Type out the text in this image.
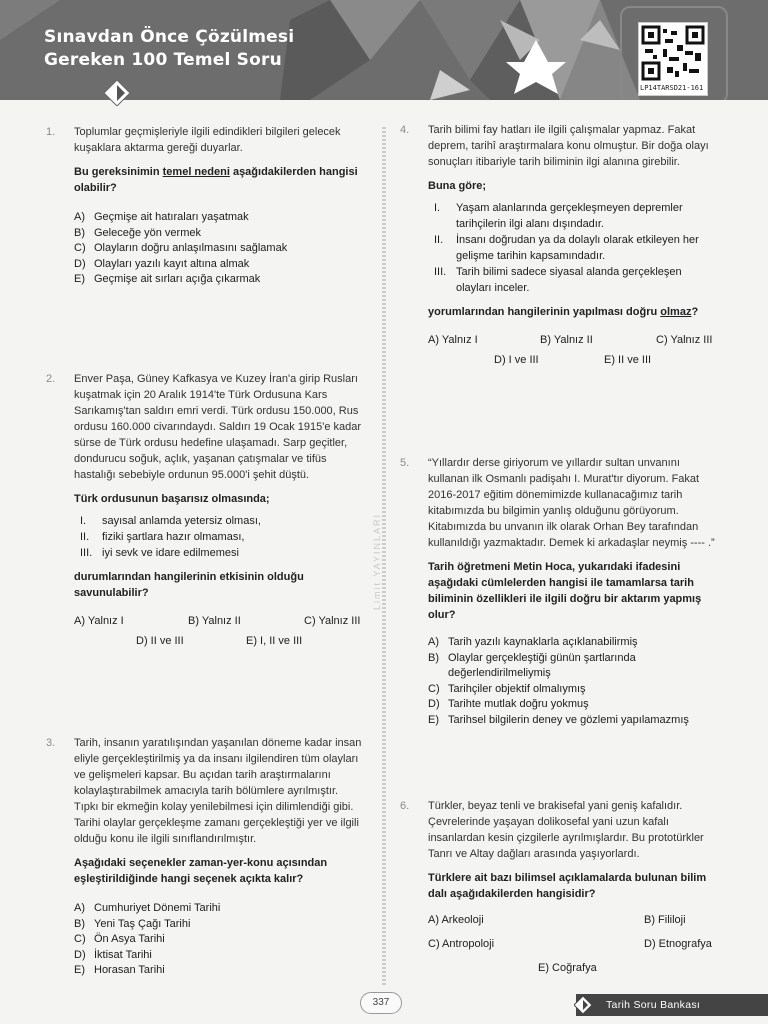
Sınavdan Önce Çözülmesi
Gereken 100 Temel Soru
LP14TARSD21-161
Limit YAYINLARI
1. Toplumlar geçmişleriyle ilgili edindikleri bilgileri gelecek kuşaklara aktarma gereği duyarlar.

Bu gereksinimin temel nedeni aşağıdakilerden hangisi olabilir?

A) Geçmişe ait hatıraları yaşatmak
B) Geleceğe yön vermek
C) Olayların doğru anlaşılmasını sağlamak
D) Olayları yazılı kayıt altına almak
E) Geçmişe ait sırları açığa çıkarmak
2. Enver Paşa, Güney Kafkasya ve Kuzey İran'a girip Rusları kuşatmak için 20 Aralık 1914'te Türk Ordusuna Kars Sarıkamış'tan saldırı emri verdi. Türk ordusu 150.000, Rus ordusu 160.000 civarındaydı. Saldırı 19 Ocak 1915'e kadar sürse de Türk ordusu hedefine ulaşamadı. Sarp geçitler, dondurucu soğuk, açlık, yaşanan çatışmalar ve tifüs hastalığı sebebiyle ordunun 95.000'i şehit düştü.

Türk ordusunun başarısız olmasında;

I. sayısal anlamda yetersiz olması,
II. fiziki şartlara hazır olmaması,
III. iyi sevk ve idare edilmemesi

durumlarından hangilerinin etkisinin olduğu savunulabilir?

A) Yalnız I	B) Yalnız II	C) Yalnız III
D) II ve III	E) I, II ve III
3. Tarih, insanın yaratılışından yaşanılan döneme kadar insan eliyle gerçekleştirilmiş ya da insanı ilgilendiren tüm olayları ve gelişmeleri kapsar. Bu açıdan tarih araştırmalarını kolaylaştırabilmek amacıyla tarih bölümlere ayrılmıştır. Tıpkı bir ekmeğin kolay yenilebilmesi için dilimlendiği gibi. Tarihi olaylar gerçekleşme zamanı gerçekleştiği yer ve ilgili olduğu konu ile ilgili sınıflandırılmıştır.

Aşağıdaki seçenekler zaman-yer-konu açısından eşleştirildiğinde hangi seçenek açıkta kalır?

A) Cumhuriyet Dönemi Tarihi
B) Yeni Taş Çağı Tarihi
C) Ön Asya Tarihi
D) İktisat Tarihi
E) Horasan Tarihi
4. Tarih bilimi fay hatları ile ilgili çalışmalar yapmaz. Fakat deprem, tarihî araştırmalara konu olmuştur. Bir doğa olayı sonuçları itibariyle tarih biliminin ilgi alanına girebilir.

Buna göre;

I. Yaşam alanlarında gerçekleşmeyen depremler tarihçilerin ilgi alanı dışındadır.
II. İnsanı doğrudan ya da dolaylı olarak etkileyen her gelişme tarihin kapsamındadır.
III. Tarih bilimi sadece siyasal alanda gerçekleşen olayları inceler.

yorumlarından hangilerinin yapılması doğru olmaz?

A) Yalnız I	B) Yalnız II	C) Yalnız III
D) I ve III	E) II ve III
5. “Yıllardır derse giriyorum ve yıllardır sultan unvanını kullanan ilk Osmanlı padişahı I. Murat'tır diyorum. Fakat 2016-2017 eğitim dönemimizde kullanacağımız tarih kitabımızda bu bilgimin yanlış olduğunu görüyorum. Kitabımızda bu unvanın ilk olarak Orhan Bey tarafından kullanıldığı yazmaktadır. Demek ki arkadaşlar neymiş ---- .”

Tarih öğretmeni Metin Hoca, yukarıdaki ifadesini aşağıdaki cümlelerden hangisi ile tamamlarsa tarih biliminin özellikleri ile ilgili doğru bir aktarım yapmış olur?

A) Tarih yazılı kaynaklarla açıklanabilirmiş
B) Olaylar gerçekleştiği günün şartlarında değerlendirilmeliymiş
C) Tarihçiler objektif olmalıymış
D) Tarihte mutlak doğru yokmuş
E) Tarihsel bilgilerin deney ve gözlemi yapılamazmış
6. Türkler, beyaz tenli ve brakisefal yani geniş kafalıdır. Çevrelerinde yaşayan dolikosefal yani uzun kafalı insanlardan kesin çizgilerle ayrılmışlardır. Bu prototürkler Tanrı ve Altay dağları arasında yaşıyorlardı.

Türklere ait bazı bilimsel açıklamalarda bulunan bilim dalı aşağıdakilerden hangisidir?

A) Arkeoloji	B) Fililoji
C) Antropoloji	D) Etnografya
E) Coğrafya
337	Tarih Soru Bankası
